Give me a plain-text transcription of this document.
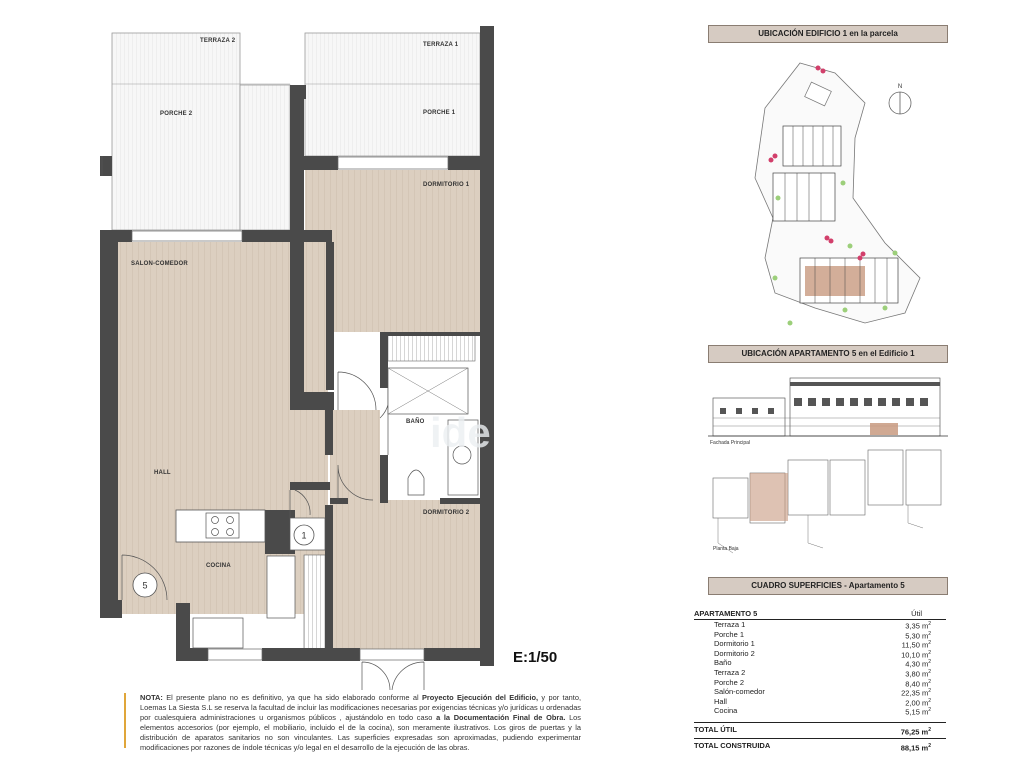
5
1
ide
TERRAZA 2
TERRAZA 1
PORCHE 2	PORCHE 1
DORMITORIO 1
SALON-COMEDOR
BAÑO
HALL
DORMITORIO 2
COCINA
E:1/50
NOTA: El presente plano no es definitivo, ya que ha sido elaborado conforme al Proyecto Ejecución del Edificio, y por tanto, Loemas La Siesta S.L se reserva la facultad de incluir las modificaciones necesarias por exigencias técnicas y/o jurídicas u ordenadas por cualesquiera administraciones u organismos públicos , ajustándolo en todo caso a la Documentación Final de Obra. Los elementos accesorios (por ejemplo, el mobiliario, incluido el de la cocina), son meramente ilustrativos. Los giros de puertas y la distribución de aparatos sanitarios no son vinculantes. Las superficies expresadas son aproximadas, pudiendo experimentar modificaciones por razones de índole técnicas y/o legal en el desarrollo de la ejecución de las obras.
UBICACIÓN EDIFICIO 1 en la parcela
N
UBICACIÓN APARTAMENTO 5 en el Edificio 1
Fachada Principal
Planta Baja
CUADRO SUPERFICIES - Apartamento 5
APARTAMENTO 5	Útil
Terraza 1	3,35 $m^2$
Porche 1	5,30 $m^2$
Dormitorio 1	11,50 $m^2$
Dormitorio 2	10,10 $m^2$
Baño	4,30 $m^2$
Terraza 2	3,80 $m^2$
Porche 2	8,40 $m^2$
Salón-comedor	22,35 $m^2$
Hall	2,00 $m^2$
Cocina	5,15 $m^2$
TOTAL ÚTIL	76,25 $m^2$
TOTAL CONSTRUIDA	88,15 $m^2$
